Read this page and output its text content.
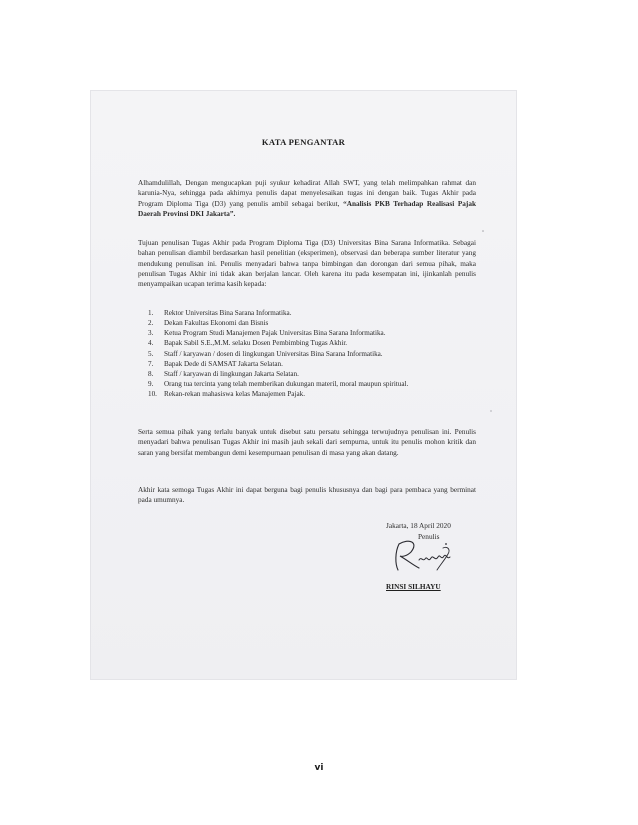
KATA PENGANTAR

Alhamdulillah, Dengan mengucapkan puji syukur kehadirat Allah SWT, yang telah melimpahkan rahmat dan karunia-Nya, sehingga pada akhirnya penulis dapat menyelesaikan tugas ini dengan baik. Tugas Akhir pada Program Diploma Tiga (D3) yang penulis ambil sebagai berikut, “Analisis PKB Terhadap Realisasi Pajak Daerah Provinsi DKI Jakarta”.

Tujuan penulisan Tugas Akhir pada Program Diploma Tiga (D3) Universitas Bina Sarana Informatika. Sebagai bahan penulisan diambil berdasarkan hasil penelitian (eksperimen), observasi dan beberapa sumber literatur yang mendukung penulisan ini. Penulis menyadari bahwa tanpa bimbingan dan dorongan dari semua pihak, maka penulisan Tugas Akhir ini tidak akan berjalan lancar. Oleh karena itu pada kesempatan ini, ijinkanlah penulis menyampaikan ucapan terima kasih kepada:

1. Rektor Universitas Bina Sarana Informatika.
2. Dekan Fakultas Ekonomi dan Bisnis
3. Ketua Program Studi Manajemen Pajak Universitas Bina Sarana Informatika.
4. Bapak Sabil S.E.,M.M. selaku Dosen Pembimbing Tugas Akhir.
5. Staff / karyawan / dosen di lingkungan Universitas Bina Sarana Informatika.
7. Bapak Dede di SAMSAT Jakarta Selatan.
8. Staff / karyawan di lingkungan Jakarta Selatan.
9. Orang tua tercinta yang telah memberikan dukungan materil, moral maupun spiritual.
10. Rekan-rekan mahasiswa kelas Manajemen Pajak.

Serta semua pihak yang terlalu banyak untuk disebut satu persatu sehingga terwujudnya penulisan ini. Penulis menyadari bahwa penulisan Tugas Akhir ini masih jauh sekali dari sempurna, untuk itu penulis mohon kritik dan saran yang bersifat membangun demi kesempurnaan penulisan di masa yang akan datang.

Akhir kata semoga Tugas Akhir ini dapat berguna bagi penulis khususnya dan bagi para pembaca yang berminat pada umumnya.

Jakarta, 18 April 2020
Penulis
RINSI SILHAYU
vi
